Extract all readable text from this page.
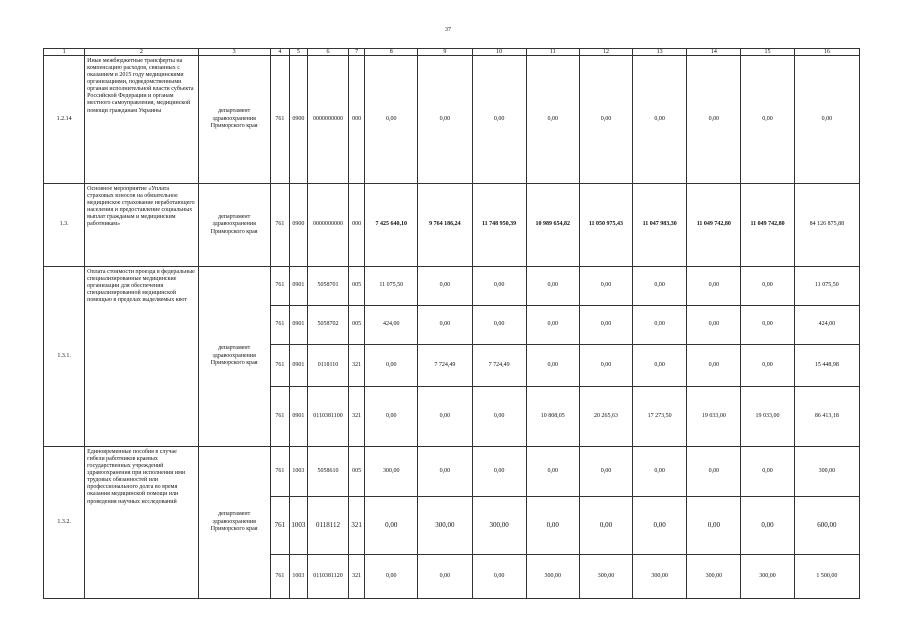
37
1	2	3	4	5	6	7	8	9	10	11	12	13	14	15	16
1.2.14	Иные межбюджетные трансферты на компенсацию расходов, связанных с оказанием в 2015 году медицинскими организациями, подведомственными органам исполнительной власти субъекта Российской Федерации и органам местного самоуправления, медицинской помощи гражданам Украины	департамент здравоохранения Приморского края	761	0900	0000000000	000	0,00	0,00	0,00	0,00	0,00	0,00	0,00	0,00	0,00
1.3.	Основное мероприятие «Уплата страховых взносов на обязательное медицинское страхование неработающего населения и предоставление социальных выплат гражданам и медицинским работникам»	департамент здравоохранения Приморского края	761	0900	0000000000	000	7 425 640,10	9 764 186,24	11 748 950,39	10 989 654,82	11 050 975,43	11 047 983,30	11 049 742,80	11 049 742,80	84 126 875,88
1.3.1.	Оплата стоимости проезда в федеральные специализированные медицинские организации для обеспечения специализированной медицинской помощью в пределах выделяемых квот	департамент здравоохранения Приморского края	761	0901	5058701	005	11 075,50	0,00	0,00	0,00	0,00	0,00	0,00	0,00	11 075,50
			761	0901	5058702	005	424,00	0,00	0,00	0,00	0,00	0,00	0,00	0,00	424,00
			761	0901	0118110	321	0,00	7 724,49	7 724,49	0,00	0,00	0,00	0,00	0,00	15 448,98
			761	0901	0110381100	321	0,00	0,00	0,00	10 808,05	20 265,63	17 273,50	19 033,00	19 033,00	86 413,18
1.3.2.	Единовременные пособия в случае гибели работников краевых государственных учреждений здравоохранения при исполнении ими трудовых обязанностей или профессионального долга во время оказания медицинской помощи или проведения научных исследований	департамент здравоохранения Приморского края	761	1003	5058610	005	300,00	0,00	0,00	0,00	0,00	0,00	0,00	0,00	300,00
			761	1003	0118112	321	0,00	300,00	300,00	0,00	0,00	0,00	0,00	0,00	600,00
			761	1003	0110381120	321	0,00	0,00	0,00	300,00	300,00	300,00	300,00	300,00	1 500,00
